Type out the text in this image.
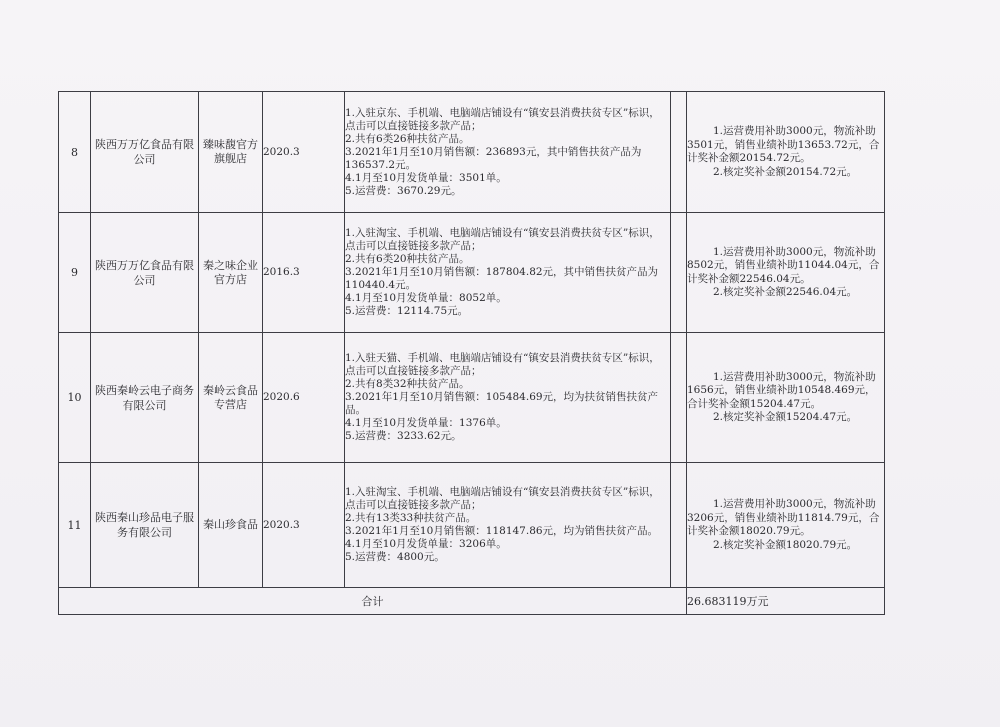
8	陕西万万亿食品有限公司	臻味馥官方旗舰店	2020.3	1.入驻京东、手机端、电脑端店铺设有“镇安县消费扶贫专区”标识，点击可以直接链接多款产品；
2.共有6类26种扶贫产品。
3.2021年1月至10月销售额：236893元，其中销售扶贫产品为136537.2元。
4.1月至10月发货单量：3501单。
5.运营费：3670.29元。		1.运营费用补助3000元，物流补助3501元，销售业绩补助13653.72元，合计奖补金额20154.72元。
2.核定奖补金额20154.72元。

9	陕西万万亿食品有限公司	秦之味企业官方店	2016.3	1.入驻淘宝、手机端、电脑端店铺设有“镇安县消费扶贫专区”标识，点击可以直接链接多款产品；
2.共有6类20种扶贫产品。
3.2021年1月至10月销售额：187804.82元，其中销售扶贫产品为110440.4元。
4.1月至10月发货单量：8052单。
5.运营费：12114.75元。		1.运营费用补助3000元，物流补助8502元，销售业绩补助11044.04元，合计奖补金额22546.04元。
2.核定奖补金额22546.04元。

10	陕西秦岭云电子商务有限公司	秦岭云食品专营店	2020.6	1.入驻天猫、手机端、电脑端店铺设有“镇安县消费扶贫专区”标识，点击可以直接链接多款产品；
2.共有8类32种扶贫产品。
3.2021年1月至10月销售额：105484.69元，均为扶贫销售扶贫产品。
4.1月至10月发货单量：1376单。
5.运营费：3233.62元。		1.运营费用补助3000元，物流补助1656元，销售业绩补助10548.469元，合计奖补金额15204.47元。
2.核定奖补金额15204.47元。

11	陕西秦山珍品电子服务有限公司	秦山珍食品	2020.3	1.入驻淘宝、手机端、电脑端店铺设有“镇安县消费扶贫专区”标识，点击可以直接链接多款产品；
2.共有13类33种扶贫产品。
3.2021年1月至10月销售额：118147.86元，均为销售扶贫产品。
4.1月至10月发货单量：3206单。
5.运营费：4800元。		1.运营费用补助3000元，物流补助3206元，销售业绩补助11814.79元，合计奖补金额18020.79元。
2.核定奖补金额18020.79元。

合计						26.683119万元
